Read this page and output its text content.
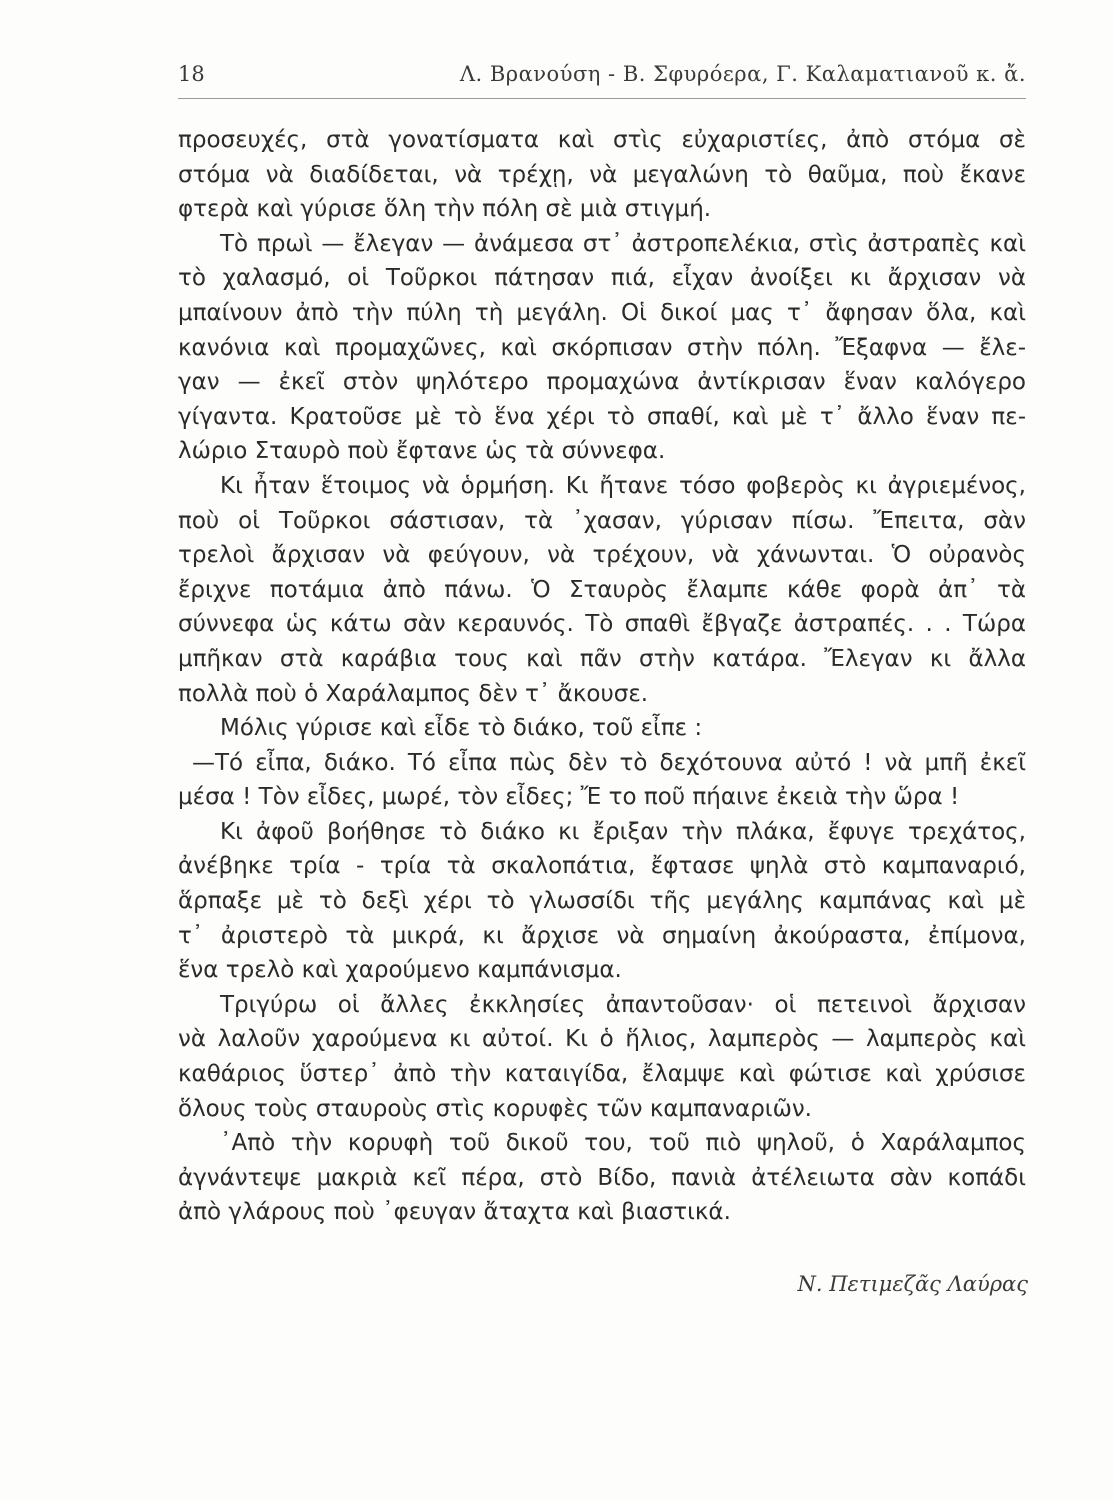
18	Λ. Βρανούση - Β. Σφυρόερα, Γ. Καλαματιανοῦ κ. ἄ.
προσευχές, στὰ γονατίσματα καὶ στὶς εὐχαριστίες, ἀπὸ στόμα σὲ
στόμα νὰ διαδίδεται, νὰ τρέχῃ, νὰ μεγαλώνη τὸ θαῦμα, ποὺ ἔκανε
φτερὰ καὶ γύρισε ὅλη τὴν πόλη σὲ μιὰ στιγμή.
Τὸ πρωὶ — ἔλεγαν — ἀνάμεσα στ᾿ ἀστροπελέκια, στὶς ἀστραπὲς καὶ
τὸ χαλασμό, οἱ Τοῦρκοι πάτησαν πιά, εἶχαν ἀνοίξει κι ἄρχισαν νὰ
μπαίνουν ἀπὸ τὴν πύλη τὴ μεγάλη. Οἱ δικοί μας τ᾿ ἄφησαν ὅλα, καὶ
κανόνια καὶ προμαχῶνες, καὶ σκόρπισαν στὴν πόλη. Ἔξαφνα — ἔλε-
γαν — ἐκεῖ στὸν ψηλότερο προμαχώνα ἀντίκρισαν ἕναν καλόγερο
γίγαντα. Κρατοῦσε μὲ τὸ ἕνα χέρι τὸ σπαθί, καὶ μὲ τ᾿ ἄλλο ἕναν πε-
λώριο Σταυρὸ ποὺ ἔφτανε ὡς τὰ σύννεφα.
Κι ἦταν ἕτοιμος νὰ ὁρμήση. Κι ἤτανε τόσο φοβερὸς κι ἀγριεμένος,
ποὺ οἱ Τοῦρκοι σάστισαν, τὰ ᾿χασαν, γύρισαν πίσω. Ἔπειτα, σὰν
τρελοὶ ἄρχισαν νὰ φεύγουν, νὰ τρέχουν, νὰ χάνωνται. Ὁ οὐρανὸς
ἔριχνε ποτάμια ἀπὸ πάνω. Ὁ Σταυρὸς ἔλαμπε κάθε φορὰ ἀπ᾿ τὰ
σύννεφα ὡς κάτω σὰν κεραυνός. Τὸ σπαθὶ ἔβγαζε ἀστραπές. . . Τώρα
μπῆκαν στὰ καράβια τους καὶ πᾶν στὴν κατάρα. Ἔλεγαν κι ἄλλα
πολλὰ ποὺ ὁ Χαράλαμπος δὲν τ᾿ ἄκουσε.
Μόλις γύρισε καὶ εἶδε τὸ διάκο, τοῦ εἶπε :
—Τό εἶπα, διάκο. Τό εἶπα πὼς δὲν τὸ δεχότουνα αὐτό ! νὰ μπῆ ἐκεῖ
μέσα ! Τὸν εἶδες, μωρέ, τὸν εἶδες; Ἔ το ποῦ πήαινε ἐκειὰ τὴν ὥρα !
Κι ἀφοῦ βοήθησε τὸ διάκο κι ἔριξαν τὴν πλάκα, ἔφυγε τρεχάτος,
ἀνέβηκε τρία - τρία τὰ σκαλοπάτια, ἔφτασε ψηλὰ στὸ καμπαναριό,
ἅρπαξε μὲ τὸ δεξὶ χέρι τὸ γλωσσίδι τῆς μεγάλης καμπάνας καὶ μὲ
τ᾿ ἀριστερὸ τὰ μικρά, κι ἄρχισε νὰ σημαίνη ἀκούραστα, ἐπίμονα,
ἕνα τρελὸ καὶ χαρούμενο καμπάνισμα.
Τριγύρω οἱ ἄλλες ἐκκλησίες ἀπαντοῦσαν· οἱ πετεινοὶ ἄρχισαν
νὰ λαλοῦν χαρούμενα κι αὐτοί. Κι ὁ ἥλιος, λαμπερὸς — λαμπερὸς καὶ
καθάριος ὕστερ᾿ ἀπὸ τὴν καταιγίδα, ἔλαμψε καὶ φώτισε καὶ χρύσισε
ὅλους τοὺς σταυροὺς στὶς κορυφὲς τῶν καμπαναριῶν.
᾿Απὸ τὴν κορυφὴ τοῦ δικοῦ του, τοῦ πιὸ ψηλοῦ, ὁ Χαράλαμπος
ἀγνάντεψε μακριὰ κεῖ πέρα, στὸ Βίδο, πανιὰ ἀτέλειωτα σὰν κοπάδι
ἀπὸ γλάρους ποὺ ᾿φευγαν ἄταχτα καὶ βιαστικά.
Ν. Πετιμεζᾶς Λαύρας
